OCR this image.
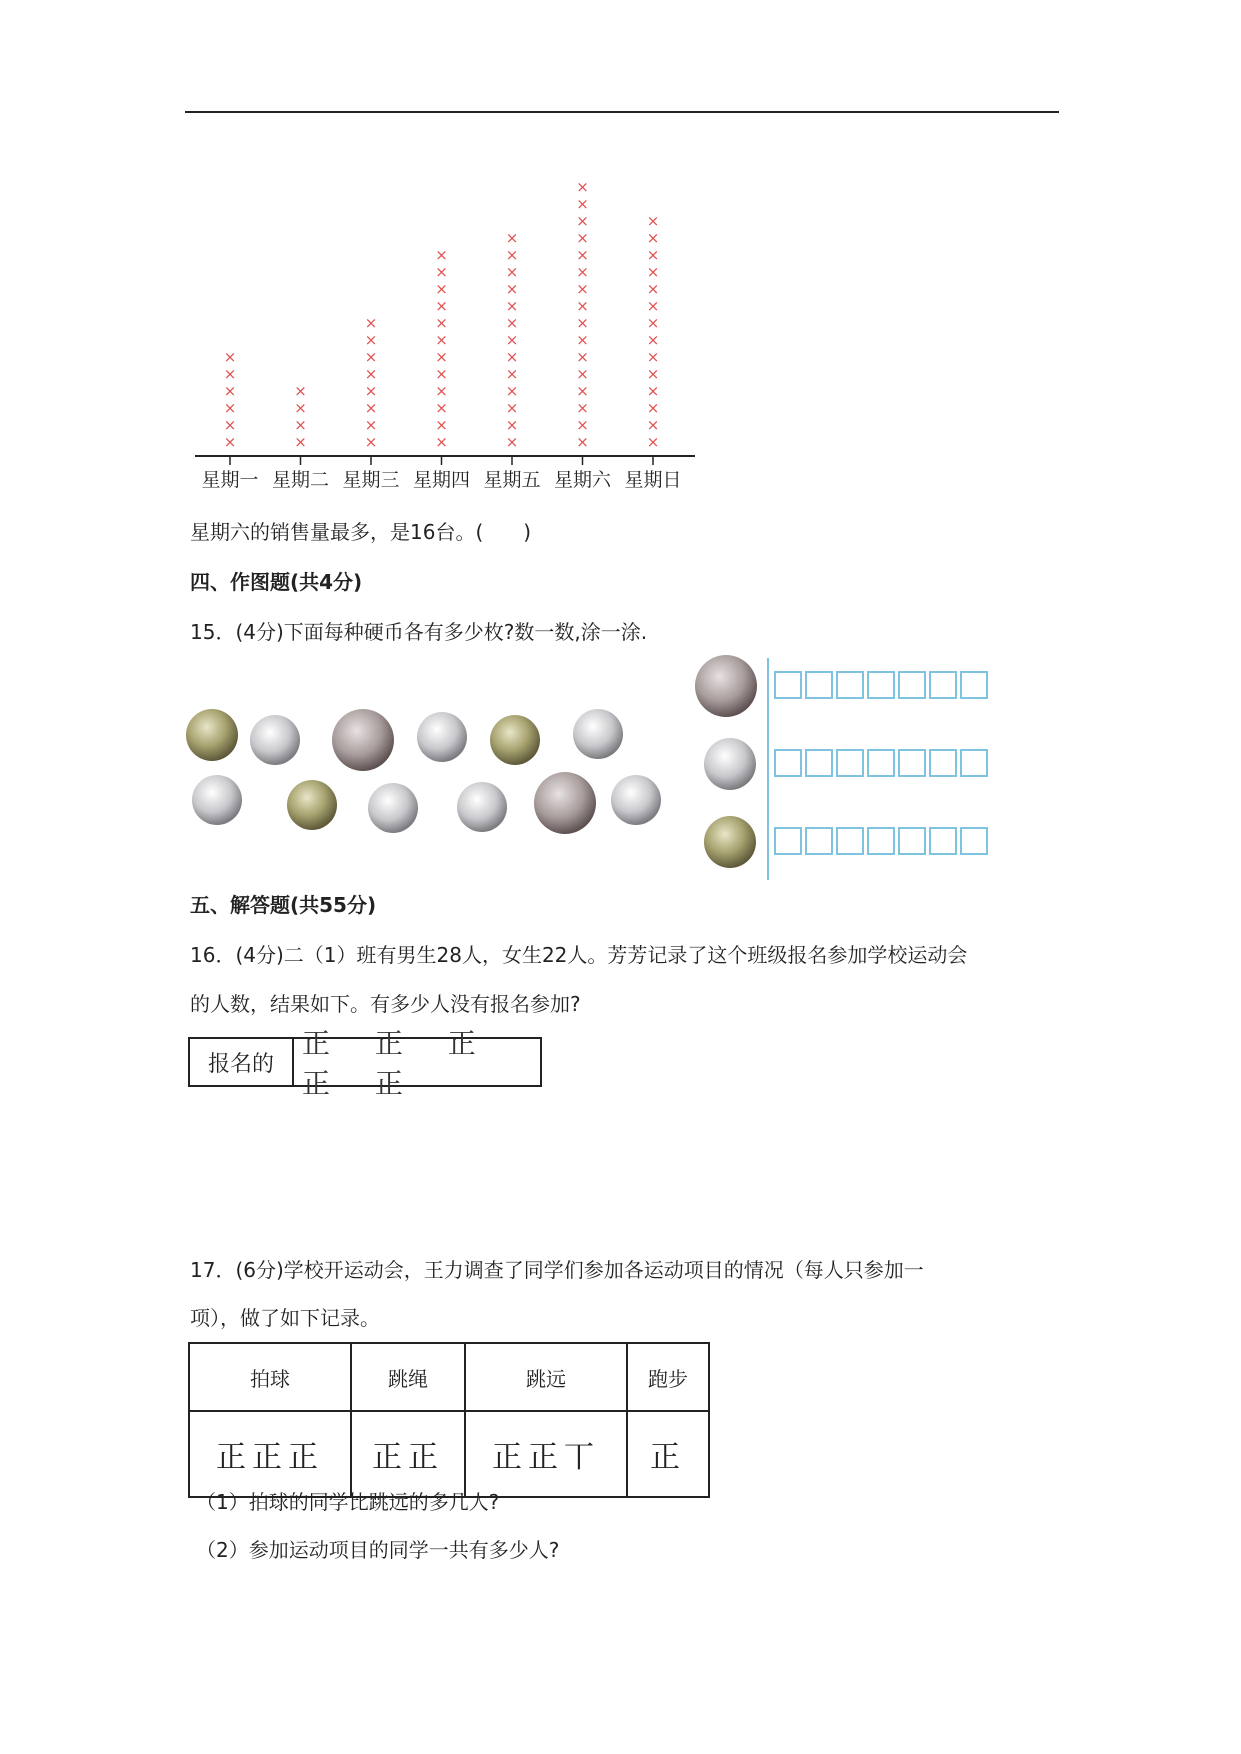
星期一
×
×
×
×
×
×
星期二
×
×
×
×
星期三
×
×
×
×
×
×
×
×
星期四
×
×
×
×
×
×
×
×
×
×
×
×
星期五
×
×
×
×
×
×
×
×
×
×
×
×
×
星期六
×
×
×
×
×
×
×
×
×
×
×
×
×
×
×
×
星期日
×
×
×
×
×
×
×
×
×
×
×
×
×
×
星期六的销售量最多，是16台。(　　)
四、作图题(共4分)
15．(4分)下面每种硬币各有多少枚?数一数,涂一涂.
五、解答题(共55分)
16．(4分)二（1）班有男生28人，女生22人。芳芳记录了这个班级报名参加学校运动会
的人数，结果如下。有多少人没有报名参加?
报名的
正 正 正 正 正
17．(6分)学校开运动会，王力调查了同学们参加各运动项目的情况（每人只参加一
项），做了如下记录。
拍球	跳绳	跳远	跑步
正正正	正正	正正丅	正
（1）拍球的同学比跳远的多几人?
（2）参加运动项目的同学一共有多少人?
